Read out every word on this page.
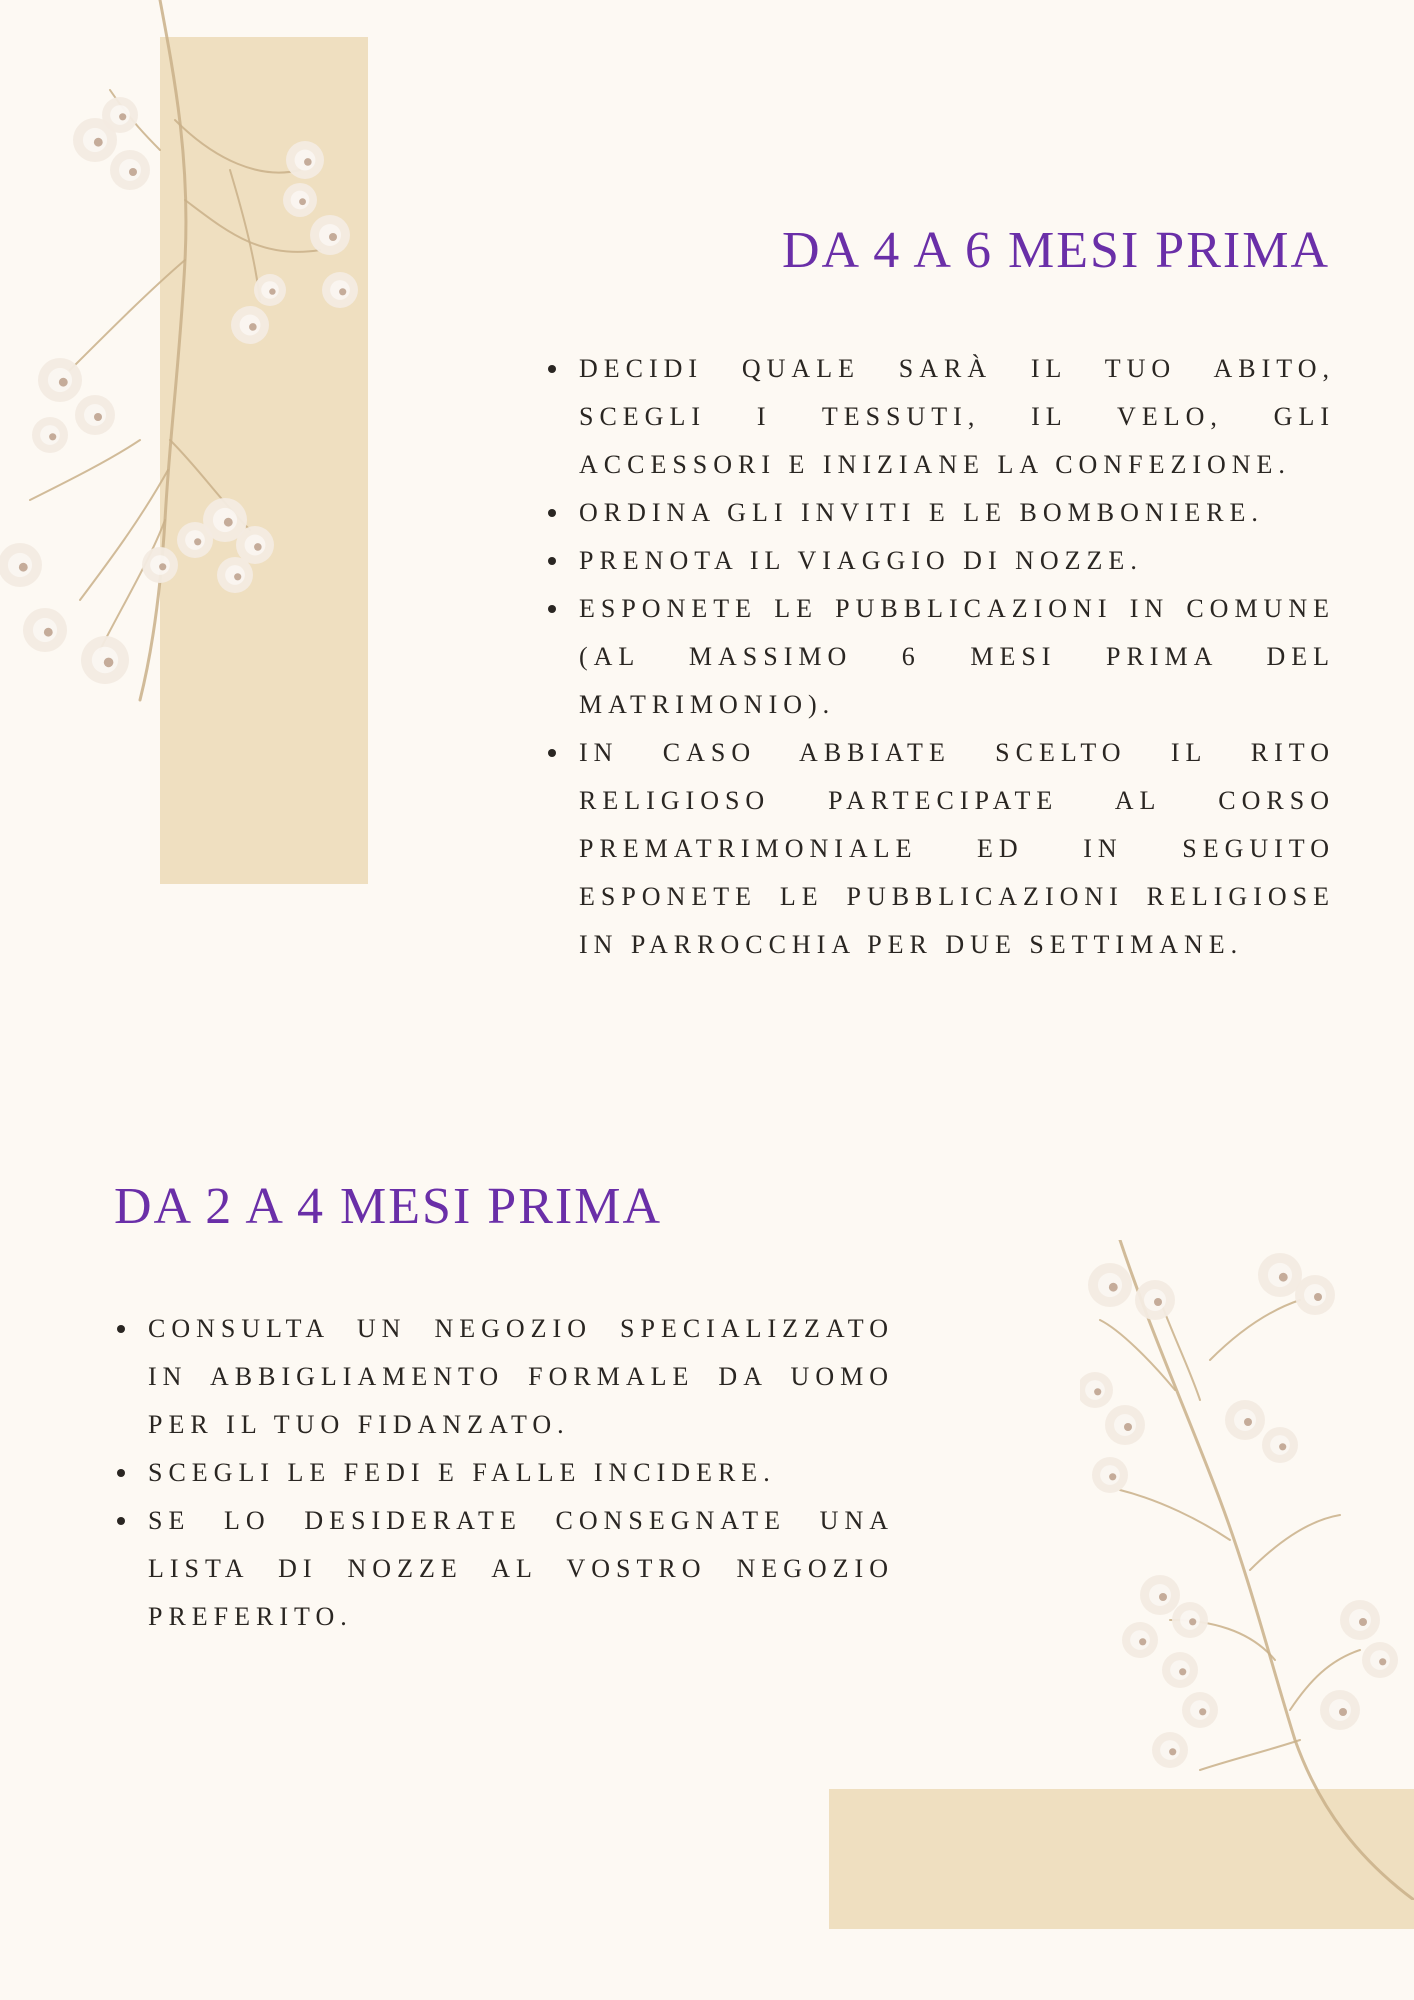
DA 4 A 6 MESI PRIMA
DECIDI QUALE SARÀ IL TUO ABITO, SCEGLI I TESSUTI, IL VELO, GLI ACCESSORI E INIZIANE LA CONFEZIONE.
ORDINA GLI INVITI E LE BOMBONIERE.
PRENOTA IL VIAGGIO DI NOZZE.
ESPONETE LE PUBBLICAZIONI IN COMUNE (AL MASSIMO 6 MESI PRIMA DEL MATRIMONIO).
IN CASO ABBIATE SCELTO IL RITO RELIGIOSO PARTECIPATE AL CORSO PREMATRIMONIALE ED IN SEGUITO ESPONETE LE PUBBLICAZIONI RELIGIOSE IN PARROCCHIA PER DUE SETTIMANE.
DA 2 A 4 MESI PRIMA
CONSULTA UN NEGOZIO SPECIALIZZATO IN ABBIGLIAMENTO FORMALE DA UOMO PER IL TUO FIDANZATO.
SCEGLI LE FEDI E FALLE INCIDERE.
SE LO DESIDERATE CONSEGNATE UNA LISTA DI NOZZE AL VOSTRO NEGOZIO PREFERITO.
